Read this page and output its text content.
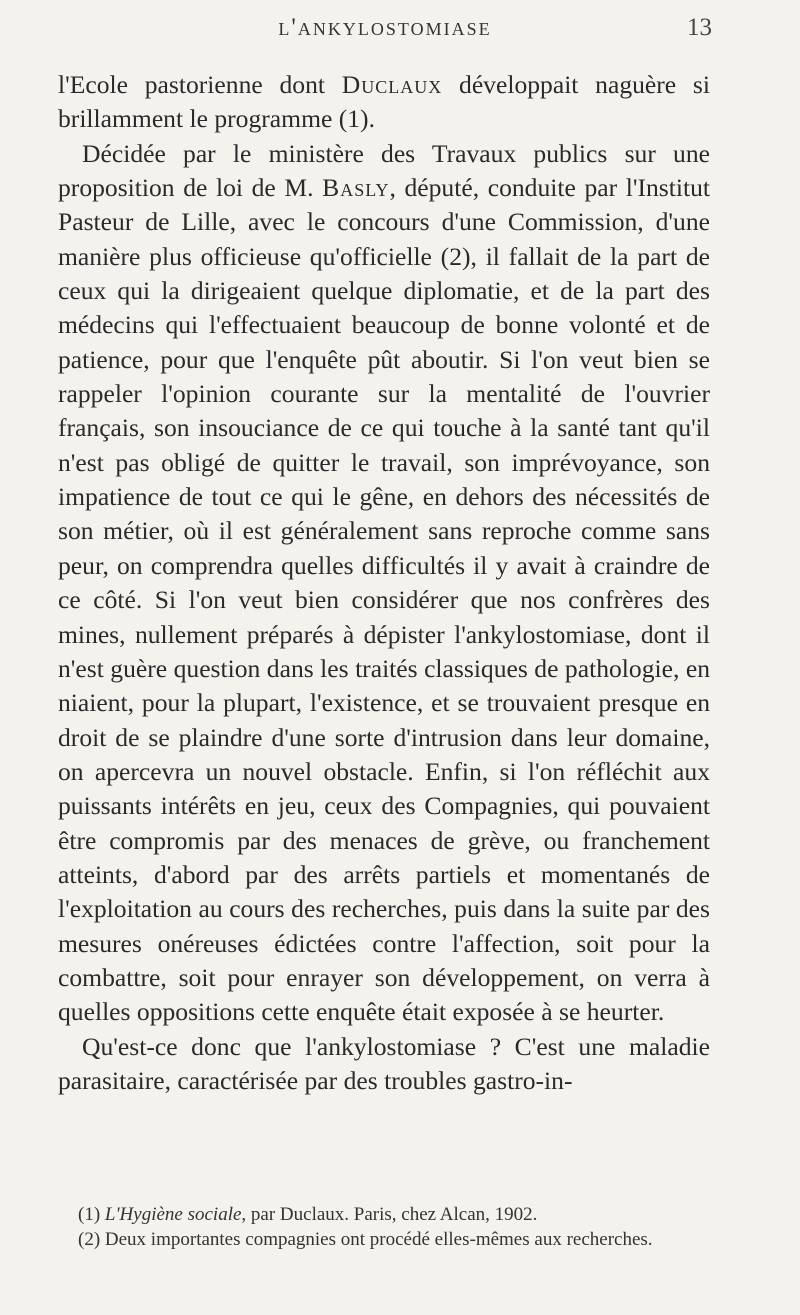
l'ankylostomiase	13

l'Ecole pastorienne dont Duclaux développait naguère si brillamment le programme (1).

Décidée par le ministère des Travaux publics sur une proposition de loi de M. Basly, député, conduite par l'Institut Pasteur de Lille, avec le concours d'une Commission, d'une manière plus officieuse qu'officielle (2), il fallait de la part de ceux qui la dirigeaient quelque diplomatie, et de la part des médecins qui l'effectuaient beaucoup de bonne volonté et de patience, pour que l'enquête pût aboutir. Si l'on veut bien se rappeler l'opinion courante sur la mentalité de l'ouvrier français, son insouciance de ce qui touche à la santé tant qu'il n'est pas obligé de quitter le travail, son imprévoyance, son impatience de tout ce qui le gêne, en dehors des nécessités de son métier, où il est généralement sans reproche comme sans peur, on comprendra quelles difficultés il y avait à craindre de ce côté. Si l'on veut bien considérer que nos confrères des mines, nullement préparés à dépister l'ankylostomiase, dont il n'est guère question dans les traités classiques de pathologie, en niaient, pour la plupart, l'existence, et se trouvaient presque en droit de se plaindre d'une sorte d'intrusion dans leur domaine, on apercevra un nouvel obstacle. Enfin, si l'on réfléchit aux puissants intérêts en jeu, ceux des Compagnies, qui pouvaient être compromis par des menaces de grève, ou franchement atteints, d'abord par des arrêts partiels et momentanés de l'exploitation au cours des recherches, puis dans la suite par des mesures onéreuses édictées contre l'affection, soit pour la combattre, soit pour enrayer son développement, on verra à quelles oppositions cette enquête était exposée à se heurter.

Qu'est-ce donc que l'ankylostomiase ? C'est une maladie parasitaire, caractérisée par des troubles gastro-in-

(1) L'Hygiène sociale, par Duclaux. Paris, chez Alcan, 1902.

(2) Deux importantes compagnies ont procédé elles-mêmes aux recherches.
